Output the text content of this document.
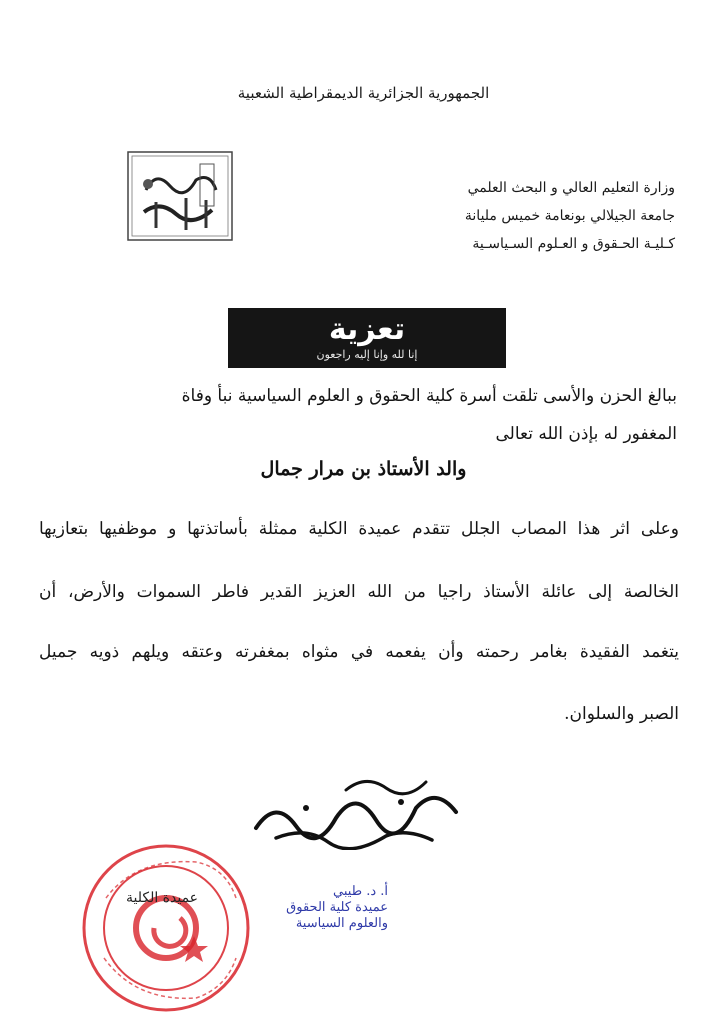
الجمهورية الجزائرية الديمقراطية الشعبية
وزارة التعليم العالي و البحث العلمي
جامعة الجيلالي بونعامة خميس مليانة
كـليـة الحـقوق و العـلوم السـياسـية
تعزية
إنا لله وإنا إليه راجعون
ببالغ الحزن والأسى تلقت أسرة كلية الحقوق و العلوم السياسية نبأ وفاة
المغفور له بإذن الله تعالى
والد الأستاذ بن مرار جمال
وعلى اثر هذا المصاب الجلل تتقدم عميدة الكلية ممثلة بأساتذتها و موظفيها بتعازيها
الخالصة إلى عائلة الأستاذ راجيا من الله العزيز القدير فاطر السموات والأرض، أن
يتغمد الفقيدة بغامر رحمته وأن يفعمه في مثواه بمغفرته وعتقه ويلهم ذويه جميل
الصبر والسلوان.
عميدة الكلية	أ. د. طيبي
عميدة كلية الحقوق والعلوم السياسية
